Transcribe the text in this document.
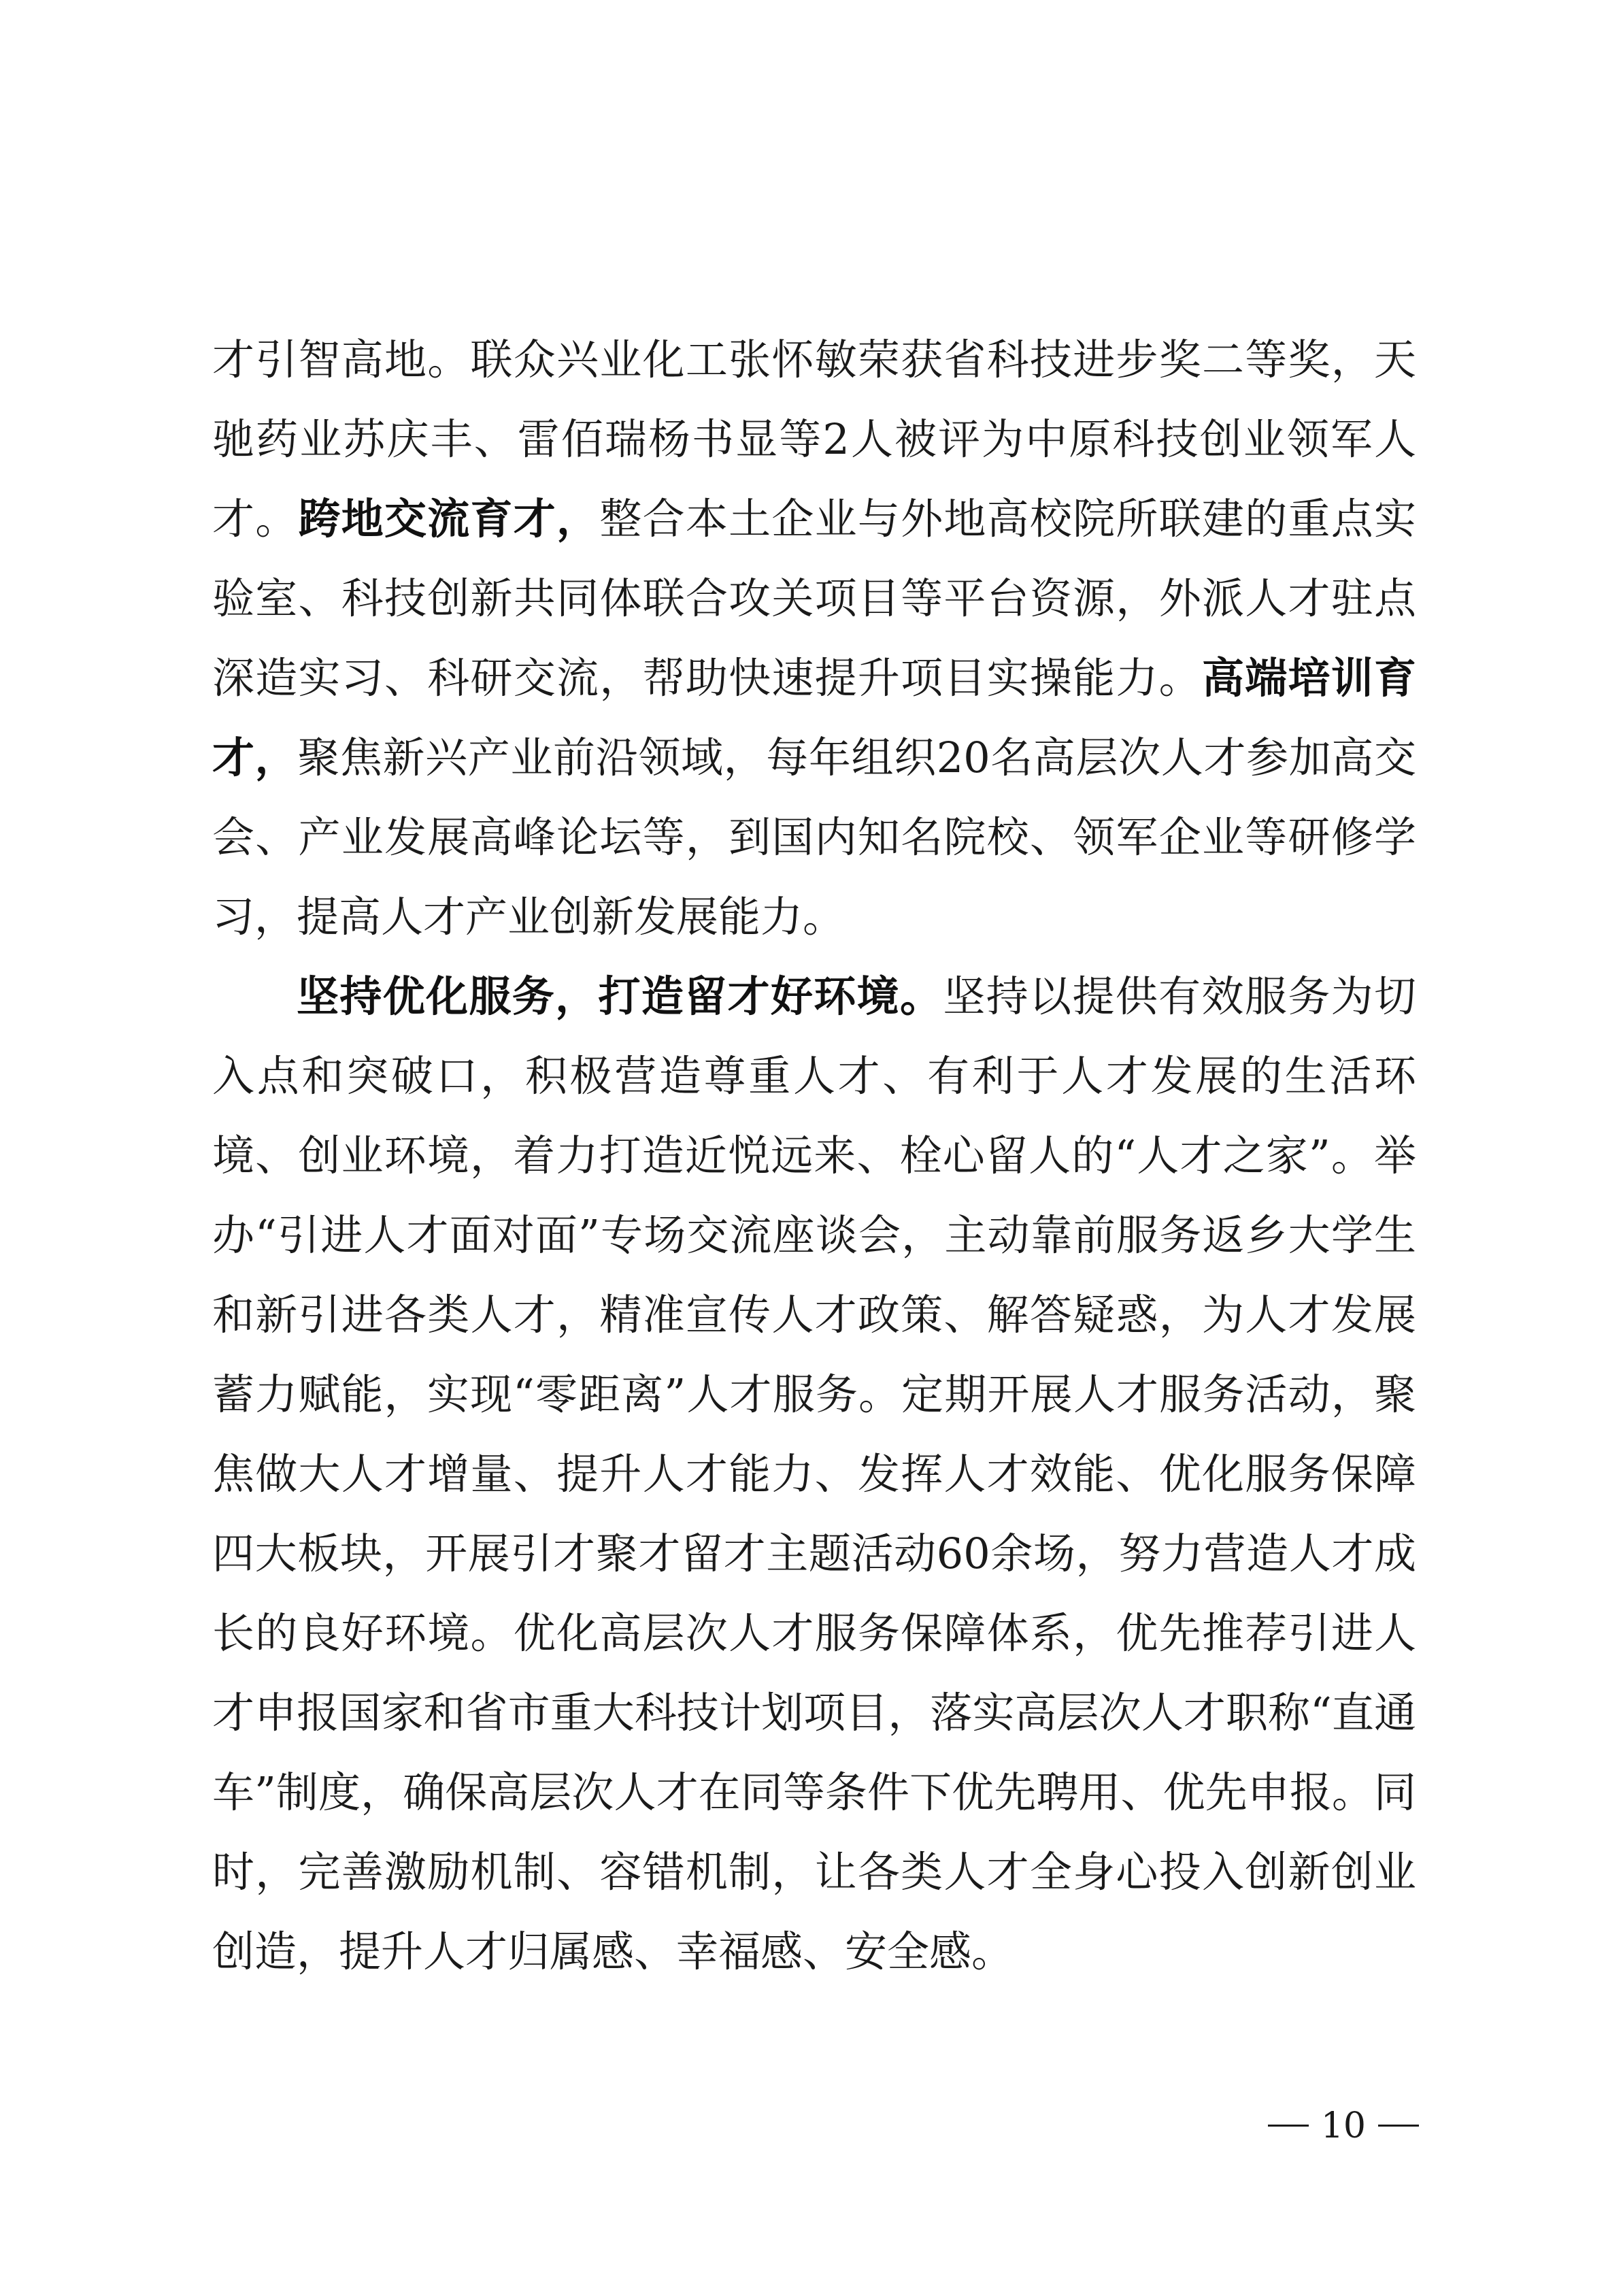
才引智高地。联众兴业化工张怀敏荣获省科技进步奖二等奖，天驰药业苏庆丰、雷佰瑞杨书显等2人被评为中原科技创业领军人才。跨地交流育才，整合本土企业与外地高校院所联建的重点实验室、科技创新共同体联合攻关项目等平台资源，外派人才驻点深造实习、科研交流，帮助快速提升项目实操能力。高端培训育才，聚焦新兴产业前沿领域，每年组织20名高层次人才参加高交会、产业发展高峰论坛等，到国内知名院校、领军企业等研修学习，提高人才产业创新发展能力。

坚持优化服务，打造留才好环境。坚持以提供有效服务为切入点和突破口，积极营造尊重人才、有利于人才发展的生活环境、创业环境，着力打造近悦远来、栓心留人的“人才之家”。举办“引进人才面对面”专场交流座谈会，主动靠前服务返乡大学生和新引进各类人才，精准宣传人才政策、解答疑惑，为人才发展蓄力赋能，实现“零距离”人才服务。定期开展人才服务活动，聚焦做大人才增量、提升人才能力、发挥人才效能、优化服务保障四大板块，开展引才聚才留才主题活动60余场，努力营造人才成长的良好环境。优化高层次人才服务保障体系，优先推荐引进人才申报国家和省市重大科技计划项目，落实高层次人才职称“直通车”制度，确保高层次人才在同等条件下优先聘用、优先申报。同时，完善激励机制、容错机制，让各类人才全身心投入创新创业创造，提升人才归属感、幸福感、安全感。

10
